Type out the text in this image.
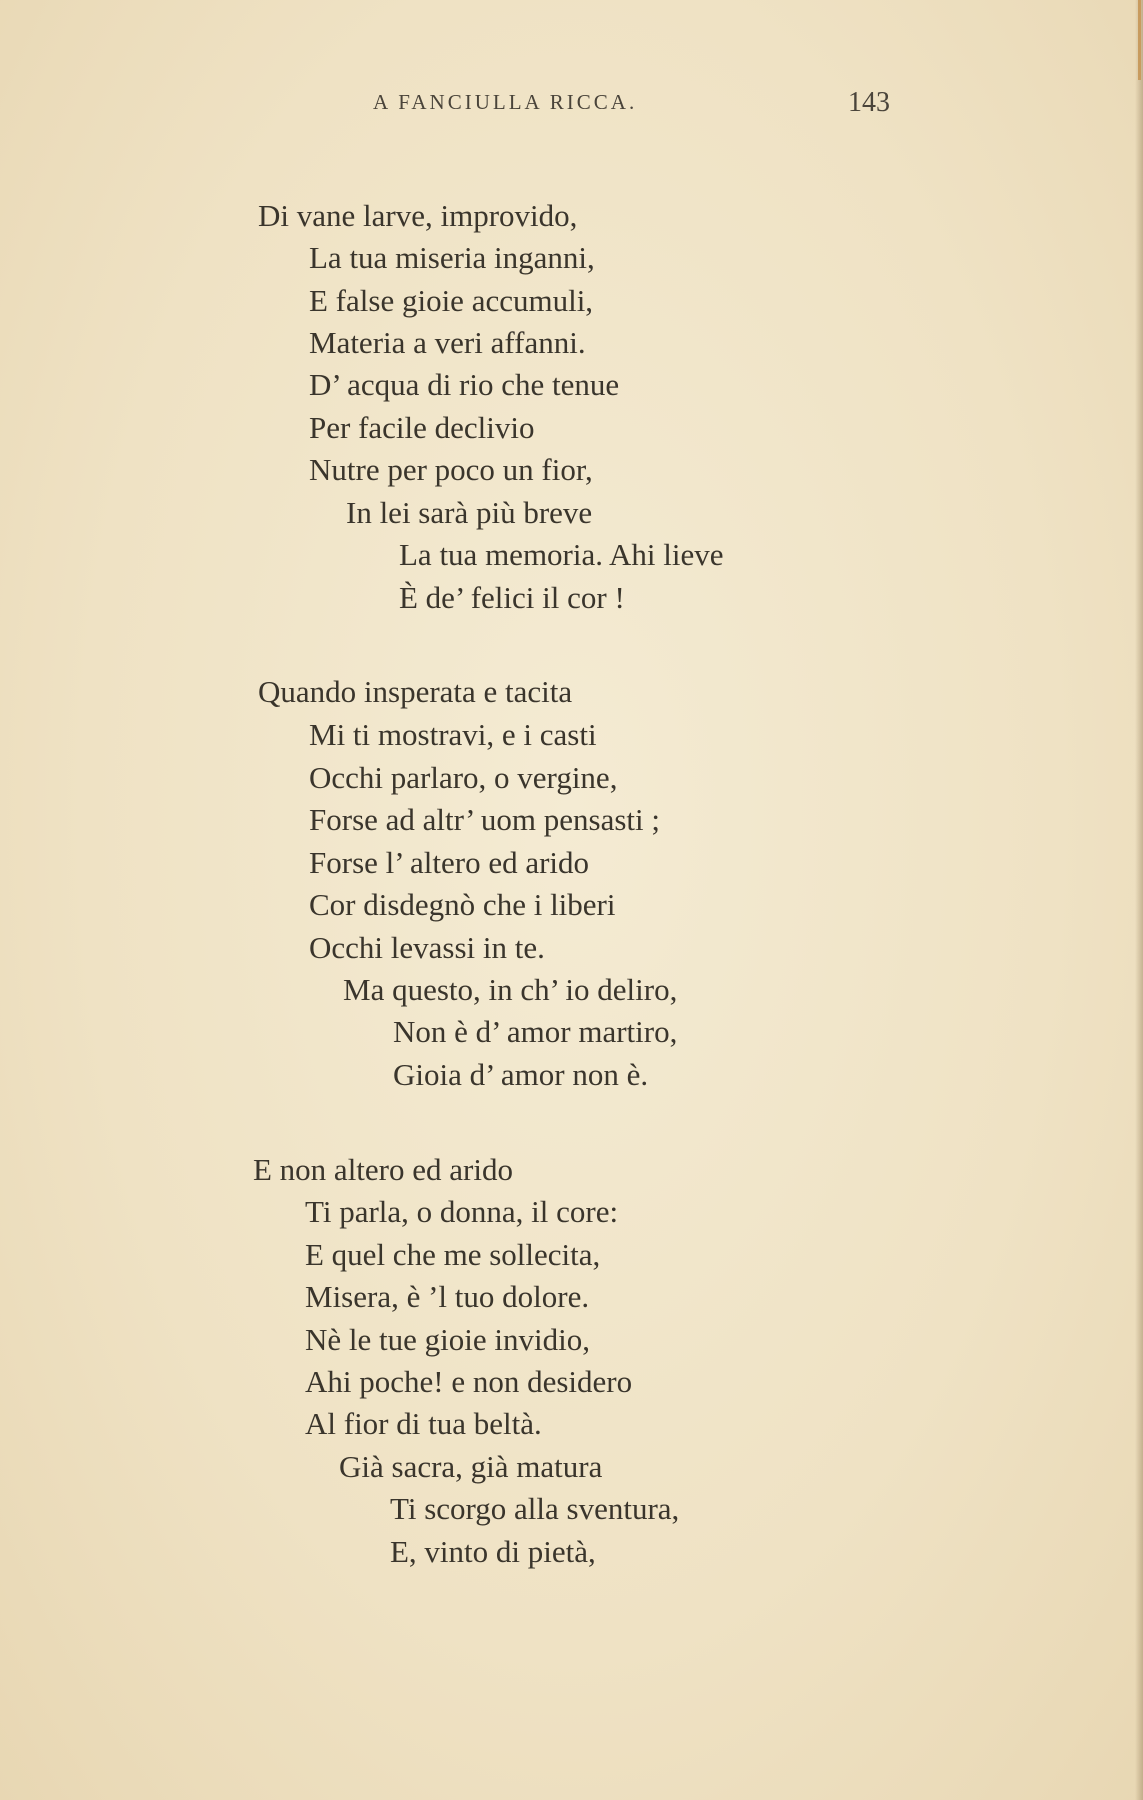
A FANCIULLA RICCA.	143
Di vane larve, improvido,
La tua miseria inganni,
E false gioie accumuli,
Materia a veri affanni.
D’ acqua di rio che tenue
Per facile declivio
Nutre per poco un fior,
In lei sarà più breve
La tua memoria. Ahi lieve
È de’ felici il cor !
Quando insperata e tacita
Mi ti mostravi, e i casti
Occhi parlaro, o vergine,
Forse ad altr’ uom pensasti ;
Forse l’ altero ed arido
Cor disdegnò che i liberi
Occhi levassi in te.
Ma questo, in ch’ io deliro,
Non è d’ amor martiro,
Gioia d’ amor non è.
E non altero ed arido
Ti parla, o donna, il core:
E quel che me sollecita,
Misera, è ’l tuo dolore.
Nè le tue gioie invidio,
Ahi poche! e non desidero
Al fior di tua beltà.
Già sacra, già matura
Ti scorgo alla sventura,
E, vinto di pietà,
